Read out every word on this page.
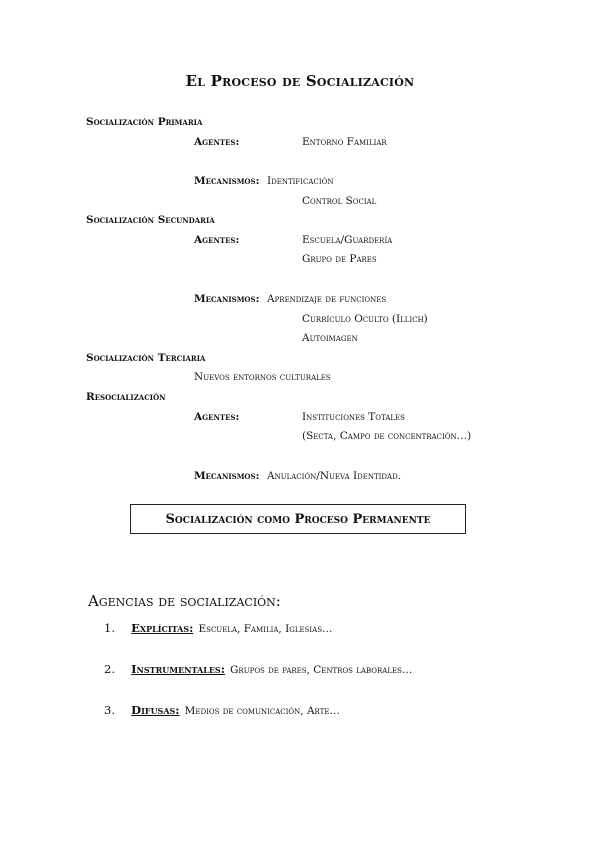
El Proceso de Socialización
Socialización Primaria
Agentes:	Entorno Familiar
Mecanismos: Identificación
Control Social
Socialización Secundaria
Agentes:	Escuela/Guardería
Grupo de Pares
Mecanismos: Aprendizaje de funciones
Currículo Oculto (Illich)
Autoimagen
Socialización Terciaria
Nuevos entornos culturales
Resocialización
Agentes:	Instituciones Totales
(Secta, Campo de concentración…)
Mecanismos: Anulación/Nueva Identidad.
Socialización como Proceso Permanente
Agencias de socialización:
1. Explícitas: Escuela, Familia, Iglesias…
2. Instrumentales: Grupos de pares, Centros laborales…
3. Difusas: Medios de comunicación, Arte…
